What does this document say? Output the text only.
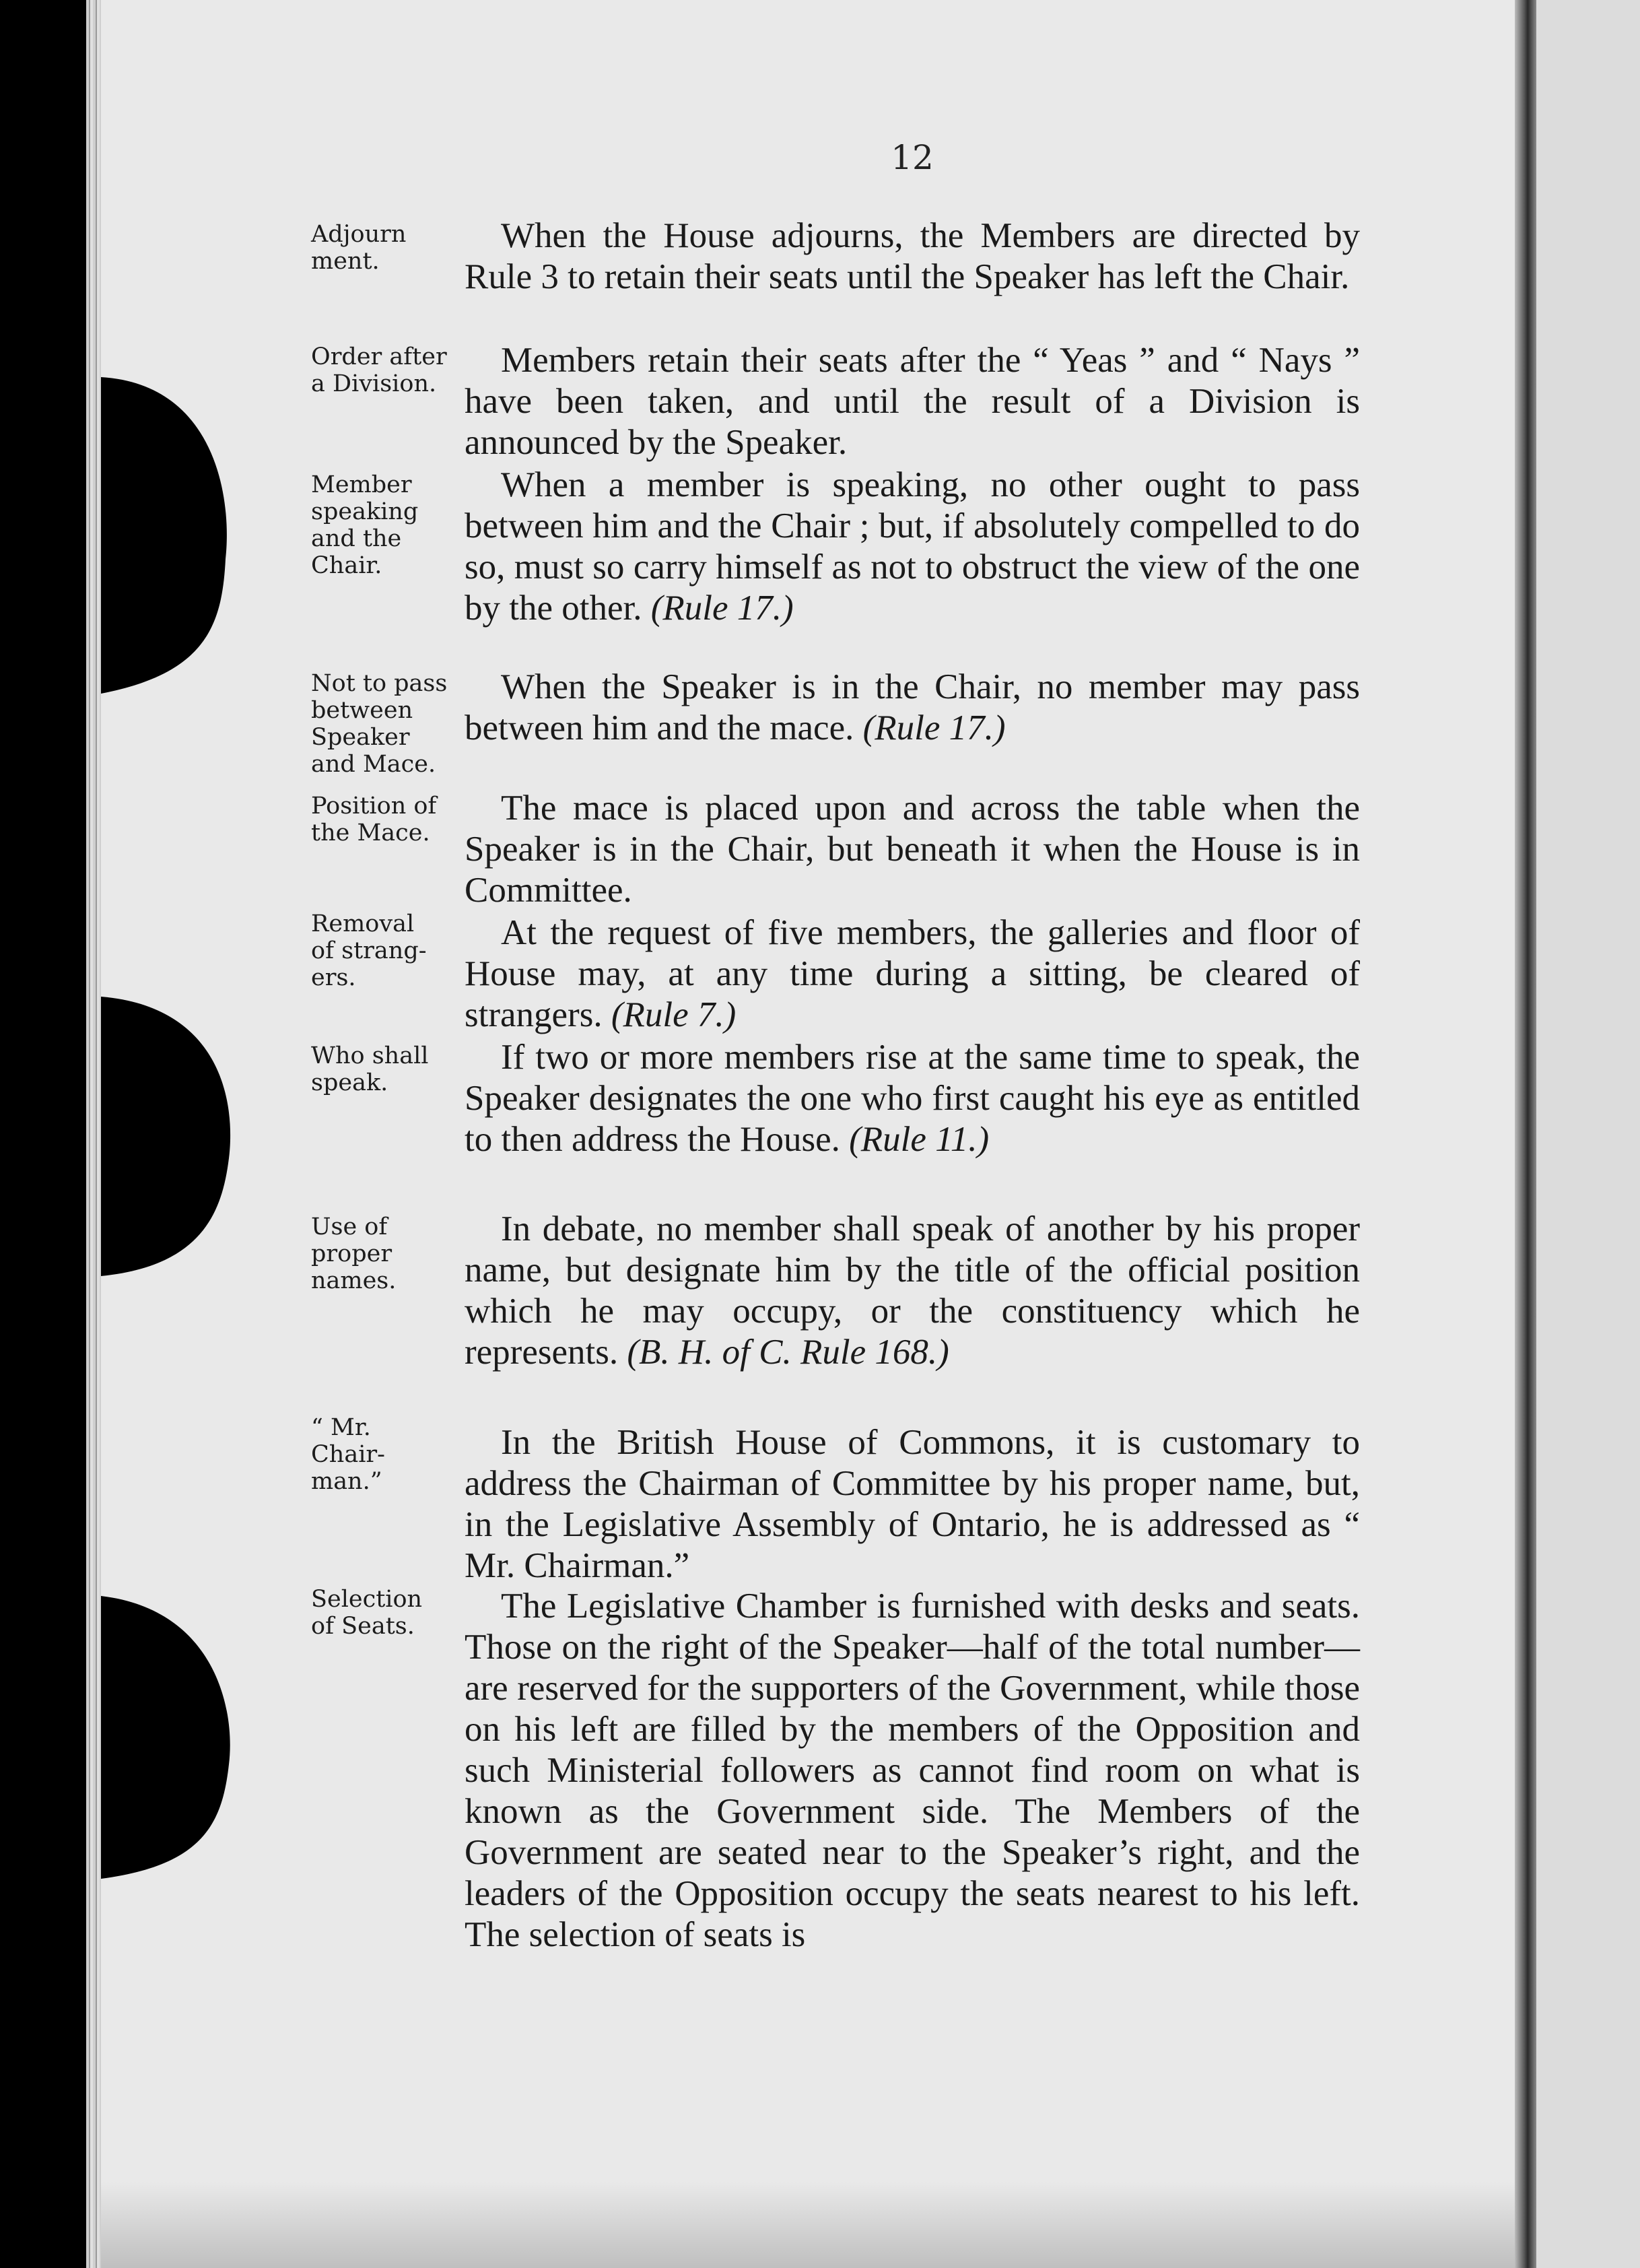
12
Adjourn
ment.
When the House adjourns, the Members are directed by Rule 3 to retain their seats until the Speaker has left the Chair.
Order after
a Division.
Members retain their seats after the “ Yeas ” and “ Nays ” have been taken, and until the result of a Division is announced by the Speaker.
Member
speaking
and the
Chair.
When a member is speaking, no other ought to pass between him and the Chair ; but, if absolutely compelled to do so, must so carry himself as not to obstruct the view of the one by the other. (Rule 17.)
Not to pass
between
Speaker
and Mace.
When the Speaker is in the Chair, no member may pass between him and the mace. (Rule 17.)
Position of
the Mace.
The mace is placed upon and across the table when the Speaker is in the Chair, but beneath it when the House is in Committee.
Removal
of strang-
ers.
At the request of five members, the galleries and floor of House may, at any time during a sitting, be cleared of strangers. (Rule 7.)
Who shall
speak.
If two or more members rise at the same time to speak, the Speaker designates the one who first caught his eye as entitled to then address the House. (Rule 11.)
Use of
proper
names.
In debate, no member shall speak of another by his proper name, but designate him by the title of the official position which he may occupy, or the constituency which he represents. (B. H. of C. Rule 168.)
“ Mr.
Chair-
man.”
In the British House of Commons, it is customary to address the Chairman of Committee by his proper name, but, in the Legislative Assembly of Ontario, he is addressed as “ Mr. Chairman.”
Selection
of Seats.
The Legislative Chamber is furnished with desks and seats. Those on the right of the Speaker—half of the total number—are reserved for the supporters of the Government, while those on his left are filled by the members of the Opposition and such Ministerial followers as cannot find room on what is known as the Government side. The Members of the Government are seated near to the Speaker’s right, and the leaders of the Opposition occupy the seats nearest to his left. The selection of seats is
